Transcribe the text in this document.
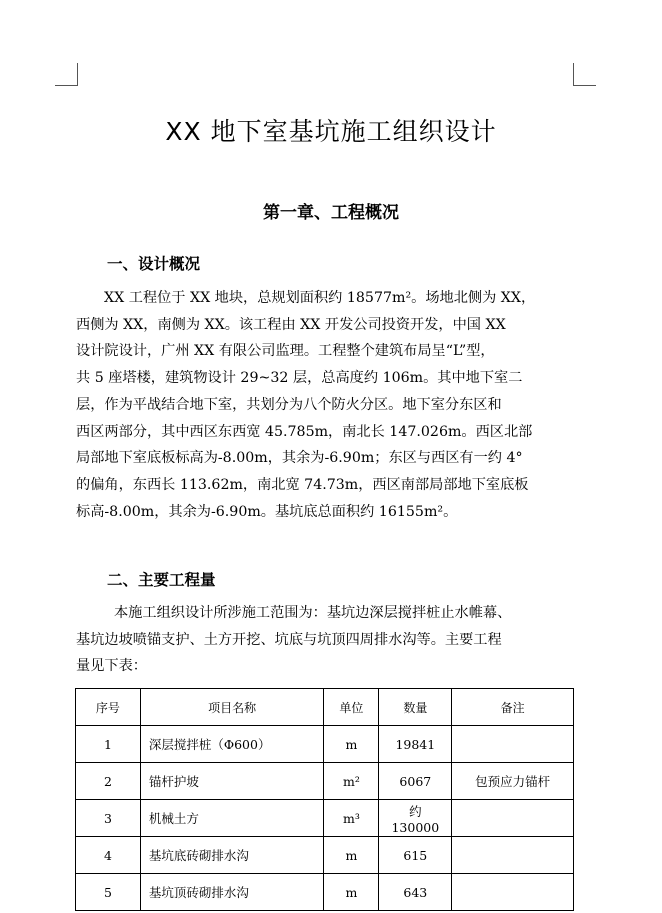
XX 地下室基坑施工组织设计
第一章、工程概况
一、设计概况
XX 工程位于 XX 地块，总规划面积约 18577m²。场地北侧为 XX，
西侧为 XX，南侧为 XX。该工程由 XX 开发公司投资开发，中国 XX
设计院设计，广州 XX 有限公司监理。工程整个建筑布局呈“L”型，
共 5 座塔楼，建筑物设计 29~32 层，总高度约 106m。其中地下室二
层，作为平战结合地下室，共划分为八个防火分区。地下室分东区和
西区两部分，其中西区东西宽 45.785m，南北长 147.026m。西区北部
局部地下室底板标高为-8.00m，其余为-6.90m；东区与西区有一约 4°
的偏角，东西长 113.62m，南北宽 74.73m，西区南部局部地下室底板
标高-8.00m，其余为-6.90m。基坑底总面积约 16155m²。
二、主要工程量
本施工组织设计所涉施工范围为：基坑边深层搅拌桩止水帷幕、
基坑边坡喷锚支护、土方开挖、坑底与坑顶四周排水沟等。主要工程
量见下表：
序号	项目名称	单位	数量	备注
1	深层搅拌桩（Φ600）	m	19841	
2	锚杆护坡	m²	6067	包预应力锚杆
3	机械土方	m³	约 130000	
4	基坑底砖砌排水沟	m	615	
5	基坑顶砖砌排水沟	m	643	
